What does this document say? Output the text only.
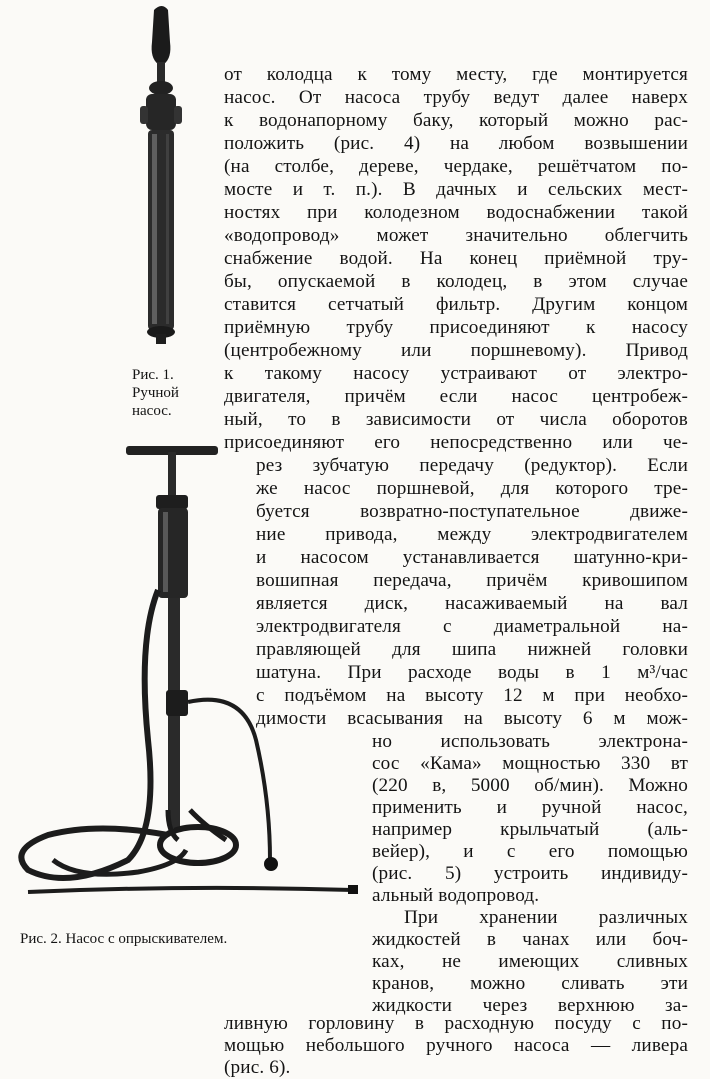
Рис. 1.
Ручной
насос.
Рис. 2. Насос с опрыскивателем.
от колодца к тому месту, где монтируется
насос. От насоса трубу ведут далее наверх
к водонапорному баку, который можно рас-
положить (рис. 4) на любом возвышении
(на столбе, дереве, чердаке, решётчатом по-
мосте и т. п.). В дачных и сельских мест-
ностях при колодезном водоснабжении такой
«водопровод» может значительно облегчить
снабжение водой. На конец приёмной тру-
бы, опускаемой в колодец, в этом случае
ставится сетчатый фильтр. Другим концом
приёмную трубу присоединяют к насосу
(центробежному или поршневому). Привод
к такому насосу устраивают от электро-
двигателя, причём если насос центробеж-
ный, то в зависимости от числа оборотов
присоединяют его непосредственно или че-
рез зубчатую передачу (редуктор). Если
же насос поршневой, для которого тре-
буется возвратно-поступательное движе-
ние привода, между электродвигателем
и насосом устанавливается шатунно-кри-
вошипная передача, причём кривошипом
является диск, насаживаемый на вал
электродвигателя с диаметральной на-
правляющей для шипа нижней головки
шатуна. При расходе воды в 1 м³/час
с подъёмом на высоту 12 м при необхо-
димости всасывания на высоту 6 м мож-
но использовать электрона-
сос «Кама» мощностью 330 вт
(220 в, 5000 об/мин). Можно
применить и ручной насос,
например крыльчатый (аль-
вейер), и с его помощью
(рис. 5) устроить индивиду-
альный водопровод.
При хранении различных
жидкостей в чанах или боч-
ках, не имеющих сливных
кранов, можно сливать эти
жидкости через верхнюю за-
ливную горловину в расходную посуду с по-
мощью небольшого ручного насоса — ливера
(рис. 6).
